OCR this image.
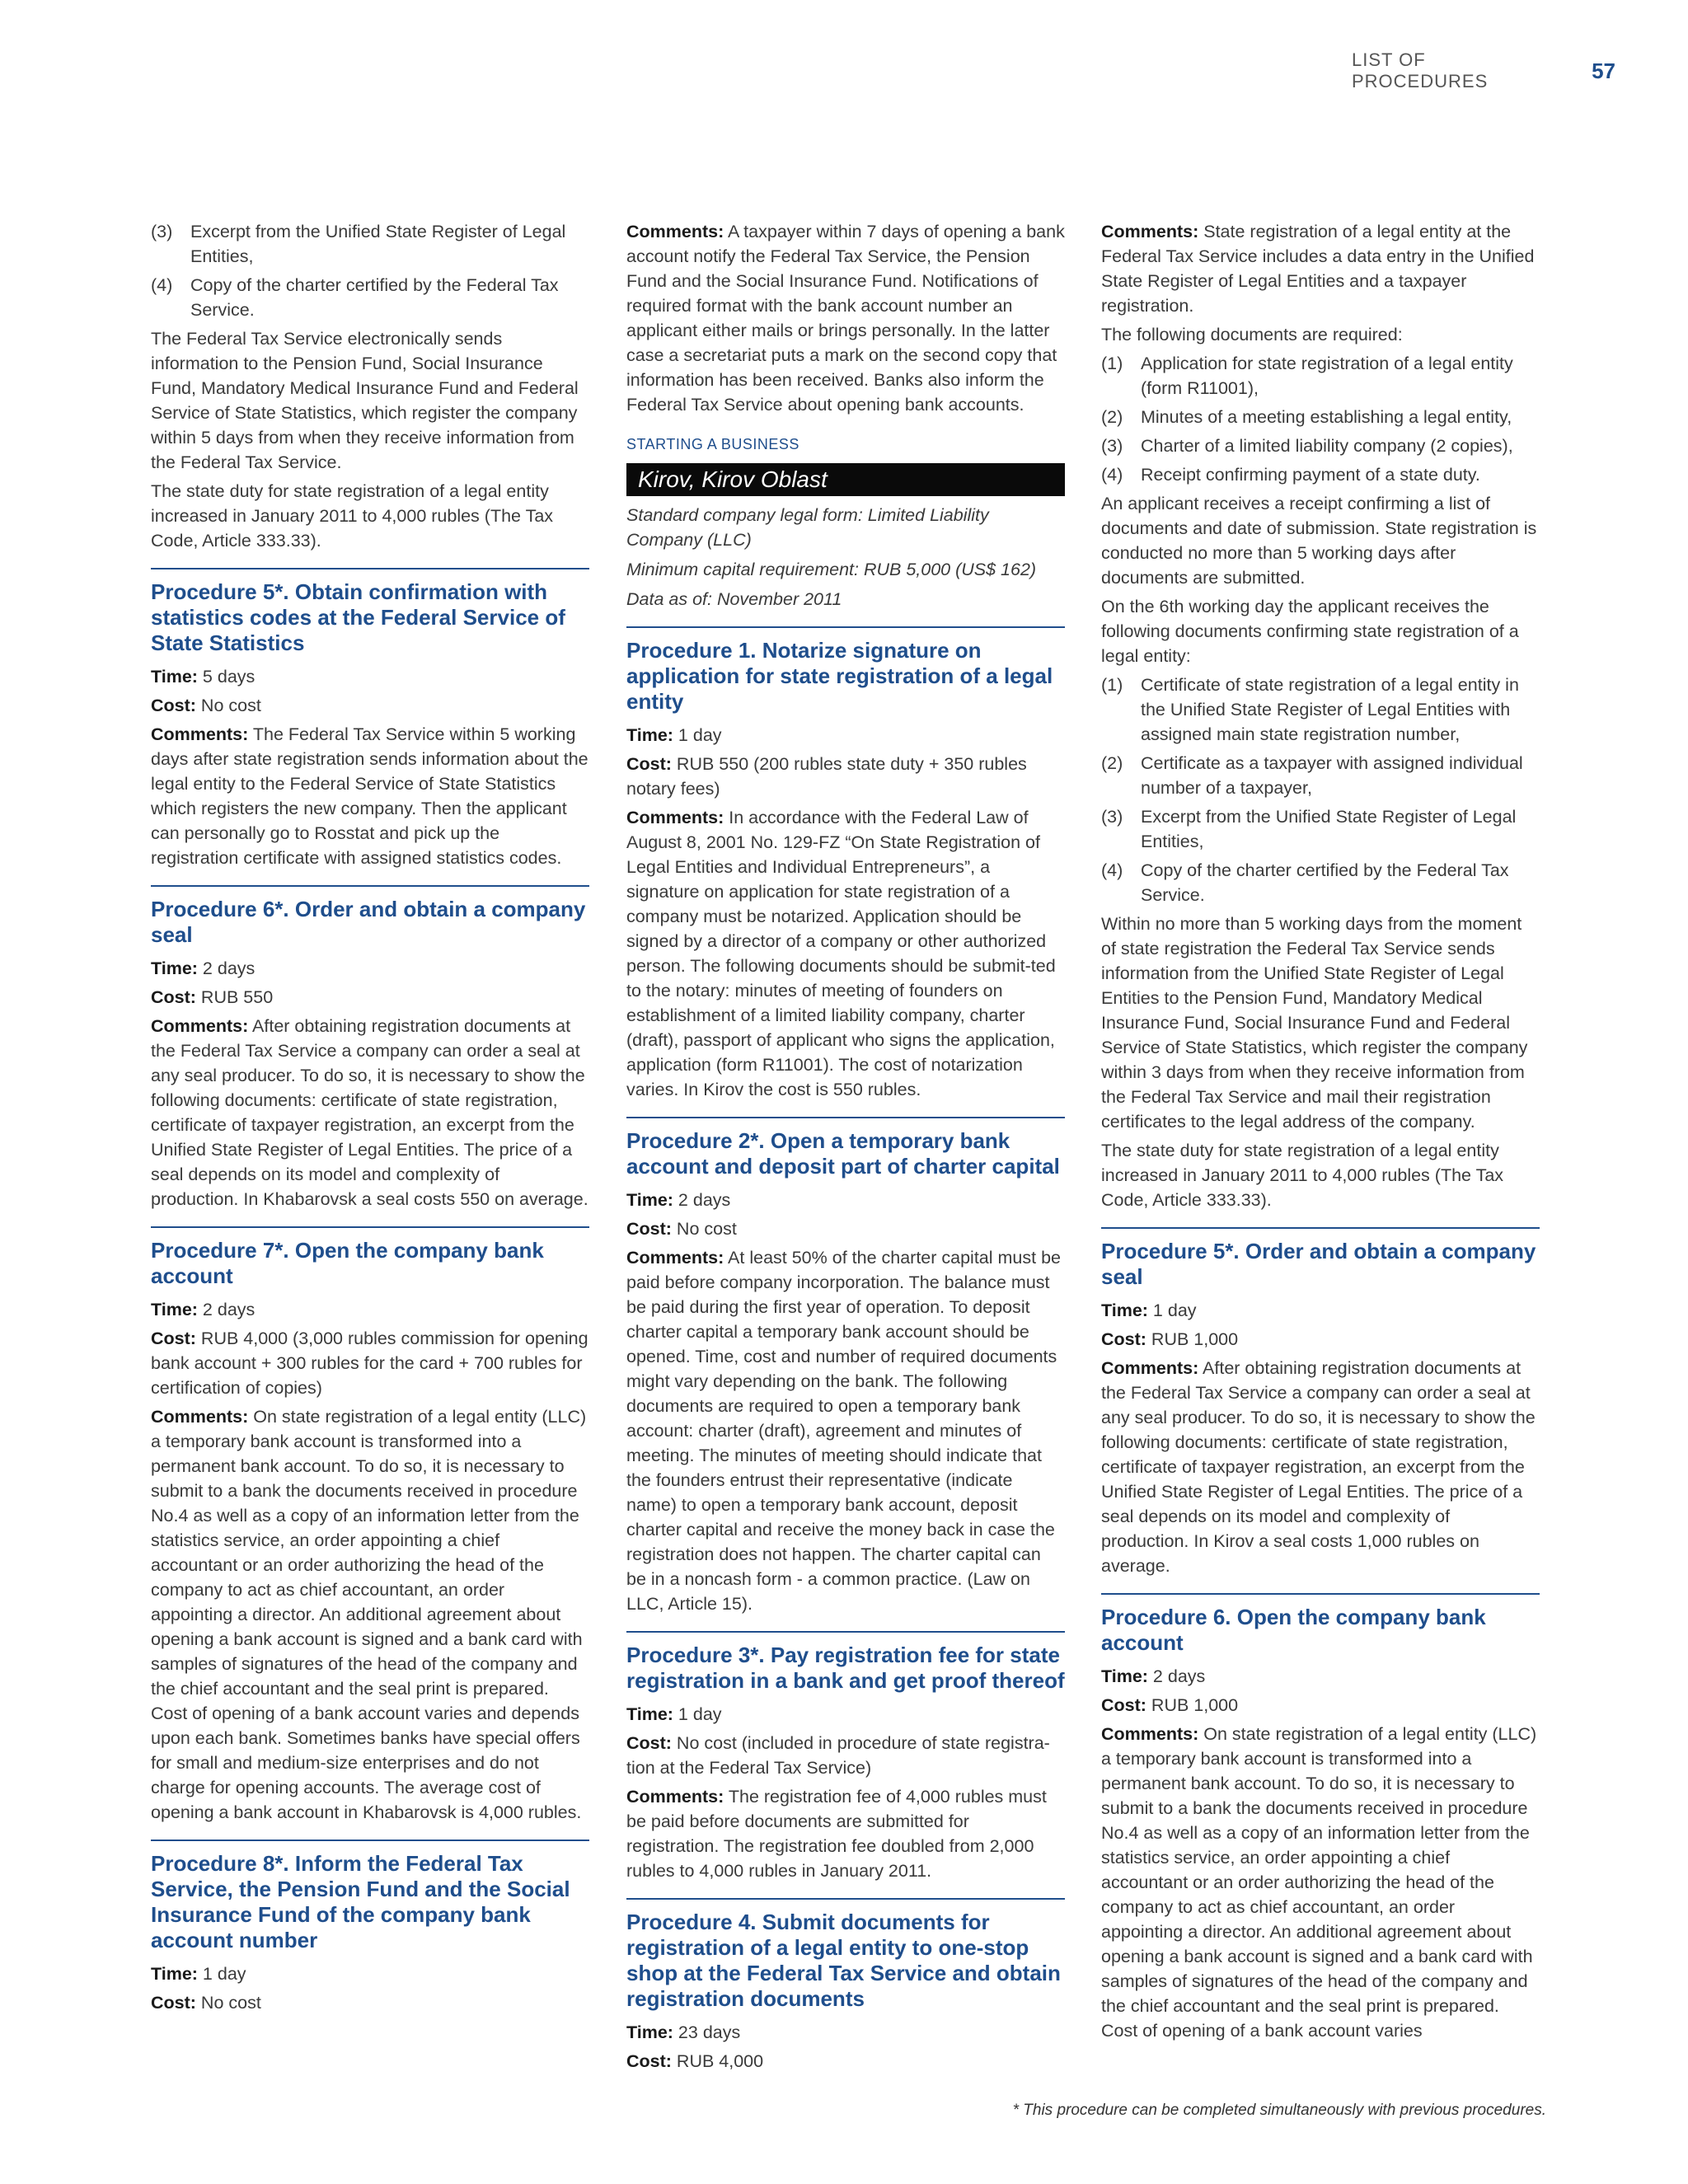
LIST OF PROCEDURES	57
(3)	Excerpt from the Unified State Register of Legal Entities,
(4)	Copy of the charter certified by the Federal Tax Service.

The Federal Tax Service electronically sends information to the Pension Fund, Social Insurance Fund, Mandatory Medical Insurance Fund and Federal Service of State Statistics, which register the company within 5 days from when they receive information from the Federal Tax Service.

The state duty for state registration of a legal entity increased in January 2011 to 4,000 rubles (The Tax Code, Article 333.33).

Procedure 5*. Obtain confirmation with statistics codes at the Federal Service of State Statistics

Time: 5 days

Cost: No cost

Comments: The Federal Tax Service within 5 working days after state registration sends information about the legal entity to the Federal Service of State Statistics which registers the new company. Then the applicant can personally go to Rosstat and pick up the registration certificate with assigned statistics codes.

Procedure 6*. Order and obtain a company seal

Time: 2 days

Cost: RUB 550

Comments: After obtaining registration documents at the Federal Tax Service a company can order a seal at any seal producer. To do so, it is necessary to show the following documents: certificate of state registration, certificate of taxpayer registration, an excerpt from the Unified State Register of Legal Entities. The price of a seal depends on its model and complexity of production. In Khabarovsk a seal costs 550 on average.

Procedure 7*. Open the company bank account

Time: 2 days

Cost: RUB 4,000 (3,000 rubles commission for opening bank account + 300 rubles for the card + 700 rubles for certification of copies)

Comments: On state registration of a legal entity (LLC) a temporary bank account is transformed into a permanent bank account. To do so, it is necessary to submit to a bank the documents received in procedure No.4 as well as a copy of an information letter from the statistics service, an order appointing a chief accountant or an order authorizing the head of the company to act as chief accountant, an order appointing a director. An additional agreement about opening a bank account is signed and a bank card with samples of signatures of the head of the company and the chief accountant and the seal print is prepared. Cost of opening of a bank account varies and depends upon each bank. Sometimes banks have special offers for small and medium-size enterprises and do not charge for opening accounts. The average cost of opening a bank account in Khabarovsk is 4,000 rubles.

Procedure 8*. Inform the Federal Tax Service, the Pension Fund and the Social Insurance Fund of the company bank account number

Time: 1 day

Cost: No cost

Comments: A taxpayer within 7 days of opening a bank account notify the Federal Tax Service, the Pension Fund and the Social Insurance Fund. Notifications of required format with the bank account number an applicant either mails or brings personally. In the latter case a secretariat puts a mark on the second copy that information has been received. Banks also inform the Federal Tax Service about opening bank accounts.

STARTING A BUSINESS
Kirov, Kirov Oblast

Standard company legal form: Limited Liability Company (LLC)

Minimum capital requirement: RUB 5,000 (US$ 162)

Data as of: November 2011

Procedure 1. Notarize signature on application for state registration of a legal entity

Time: 1 day

Cost: RUB 550 (200 rubles state duty + 350 rubles notary fees)

Comments: In accordance with the Federal Law of August 8, 2001 No. 129-FZ “On State Registration of Legal Entities and Individual Entrepreneurs”, a signature on application for state registration of a company must be notarized. Application should be signed by a director of a company or other authorized person. The following documents should be submit-ted to the notary: minutes of meeting of founders on establishment of a limited liability company, charter (draft), passport of applicant who signs the application, application (form R11001). The cost of notarization varies. In Kirov the cost is 550 rubles.

Procedure 2*. Open a temporary bank account and deposit part of charter capital

Time: 2 days

Cost: No cost

Comments: At least 50% of the charter capital must be paid before company incorporation. The balance must be paid during the first year of operation. To deposit charter capital a temporary bank account should be opened. Time, cost and number of required documents might vary depending on the bank. The following documents are required to open a temporary bank account: charter (draft), agreement and minutes of meeting. The minutes of meeting should indicate that the founders entrust their representative (indicate name) to open a temporary bank account, deposit charter capital and receive the money back in case the registration does not happen. The charter capital can be in a noncash form - a common practice. (Law on LLC, Article 15).

Procedure 3*. Pay registration fee for state registration in a bank and get proof thereof

Time: 1 day

Cost: No cost (included in procedure of state registra-tion at the Federal Tax Service)

Comments: The registration fee of 4,000 rubles must be paid before documents are submitted for registration. The registration fee doubled from 2,000 rubles to 4,000 rubles in January 2011.

Procedure 4. Submit documents for registration of a legal entity to one-stop shop at the Federal Tax Service and obtain registration documents

Time: 23 days

Cost: RUB 4,000

Comments: State registration of a legal entity at the Federal Tax Service includes a data entry in the Unified State Register of Legal Entities and a taxpayer registration.

The following documents are required:

(1)	Application for state registration of a legal entity (form R11001),
(2)	Minutes of a meeting establishing a legal entity,
(3)	Charter of a limited liability company (2 copies),
(4)	Receipt confirming payment of a state duty.

An applicant receives a receipt confirming a list of documents and date of submission. State registration is conducted no more than 5 working days after documents are submitted.

On the 6th working day the applicant receives the following documents confirming state registration of a legal entity:

(1)	Certificate of state registration of a legal entity in the Unified State Register of Legal Entities with assigned main state registration number,
(2)	Certificate as a taxpayer with assigned individual number of a taxpayer,
(3)	Excerpt from the Unified State Register of Legal Entities,
(4)	Copy of the charter certified by the Federal Tax Service.

Within no more than 5 working days from the moment of state registration the Federal Tax Service sends information from the Unified State Register of Legal Entities to the Pension Fund, Mandatory Medical Insurance Fund, Social Insurance Fund and Federal Service of State Statistics, which register the company within 3 days from when they receive information from the Federal Tax Service and mail their registration certificates to the legal address of the company.

The state duty for state registration of a legal entity increased in January 2011 to 4,000 rubles (The Tax Code, Article 333.33).

Procedure 5*. Order and obtain a company seal

Time: 1 day

Cost: RUB 1,000

Comments: After obtaining registration documents at the Federal Tax Service a company can order a seal at any seal producer. To do so, it is necessary to show the following documents: certificate of state registration, certificate of taxpayer registration, an excerpt from the Unified State Register of Legal Entities. The price of a seal depends on its model and complexity of production. In Kirov a seal costs 1,000 rubles on average.

Procedure 6. Open the company bank account

Time: 2 days

Cost: RUB 1,000

Comments: On state registration of a legal entity (LLC) a temporary bank account is transformed into a permanent bank account. To do so, it is necessary to submit to a bank the documents received in procedure No.4 as well as a copy of an information letter from the statistics service, an order appointing a chief accountant or an order authorizing the head of the company to act as chief accountant, an order appointing a director. An additional agreement about opening a bank account is signed and a bank card with samples of signatures of the head of the company and the chief accountant and the seal print is prepared. Cost of opening of a bank account varies

* This procedure can be completed simultaneously with previous procedures.
